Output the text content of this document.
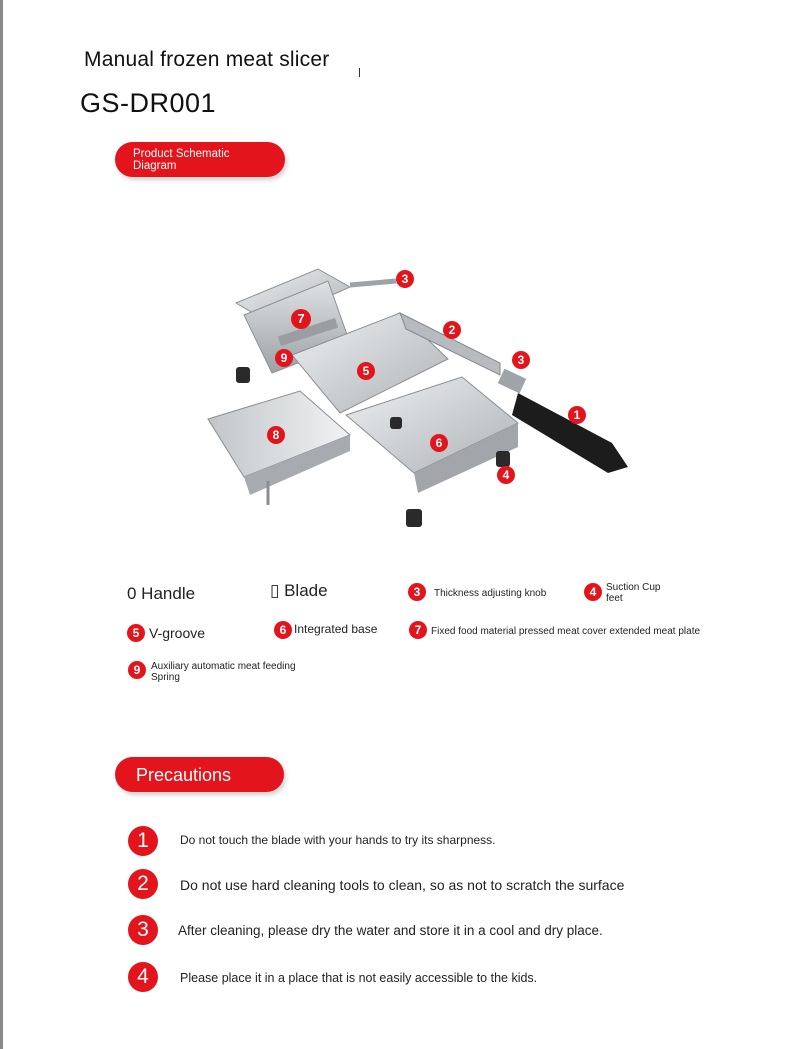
Manual frozen meat slicer
GS-DR001
Product Schematic Diagram
7
3
2
9
5
3
1
8
6
4
0 Handle	▯ Blade	3	Thickness adjusting knob	4 Suction Cup feet
5 V-groove	6 Integrated base	7 Fixed food material pressed meat cover extended meat plate
9	Auxiliary automatic meat feeding Spring
Precautions
1	Do not touch the blade with your hands to try its sharpness.
2	Do not use hard cleaning tools to clean, so as not to scratch the surface
3	After cleaning, please dry the water and store it in a cool and dry place.
4	Please place it in a place that is not easily accessible to the kids.
